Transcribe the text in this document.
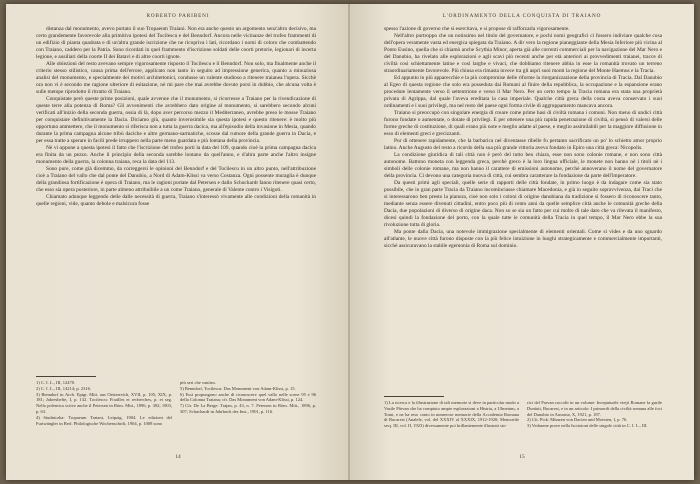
ROBERTO PARIBENI

distanza dal monumento, avevo portato il suo Tropaeum Traiani. Non era anche questo un argomento senz'altro decisivo, ma certo grandemente favorevole alla primitiva ipotesi del Tocilescu e del Benndorf. Ancora nelle vicinanze del trofeo frammenti di un edifizio di pianta quadrata e di un'altra grande iscrizione che ne ricopriva i lati, ricordano i nomi di coloro che combattendo con Traiano, caddero per la Patria. Sono ricordati in quel frammento d'iscrizione soldati delle coorti pretorie, legionari di incerta legione, e ausiliari della coorte II dei Batavi e di altre coorti ignote.

Alle obiezioni del resto avevano sempre vigorosamente risposto il Tocilescu e il Benndorf. Non solo, ma finalmente anche il criterio stesso stilistico, causa prima dell'errore, applicato non tanto in seguito ad impressione generica, quanto a minuziosa analisi del monumento, e specialmente dei motivi architettonici, condusse un valente studioso a ritenere traianea l'opera. Sicchè ora non vi è secondo me ragione ulteriore di esitazione, nè mi pare che mai avrebbe dovuto porsi in dubbio, che alcuna volta è sulle metope riprodotto il ritratto di Traiano.

Conquistate però queste prime posizioni, quale avvenne che il monumento, si ricorresse a Traiano per la rivendicazione di queste terre alla potenza di Roma? Gli avvenimenti che avrebbero dato origine al monumento, si sarebbero secondo alcuni verificati all'inizio della seconda guerra, ossia di là, dopo aver percorso mezzo il Mediterraneo, avrebbe preso le mosse Traiano per conquistare definitivamente la Dacia. Diciamo giù, quanto inverosimile sia questa ipotesi e questo ritenere: è molto più opportuno ammettere, che il monumento si riferisca non a tutta la guerra dacica, ma all'episodio della invasione in Mesia, quando durante la prima campagna alcune tribù daciche e altre germano-sarmatiche, scosse dal rumore della grande guerra in Dacia, e per essa tratte a sperare in facili prede irruppero nella parte meno guardata e più lontana della provincia.

Nè vi oppone a questa ipotesi il fatto che l'iscrizione del trofeo porti la data del 109, quando cioè la prima campagna dacica era finita da un pezzo. Anche il principio della seconda sarebbe lontano da quell'anno, e d'altra parte anche l'altro insigne monumento della guerra, la colonna traiana, reca la data del 113.

Sono pure, come già dicemmo, da correggersi le opinioni del Benndorf e del Tocilescu in un altro punto, nell'attribuzione cioè a Traiano del vallo che dal ponte del Danubio, a Nord di Adam-Klissi va verso Costanza. Ogni possente muraglia è dunque della grandiosa fortificazione è opera di Traiano, ma le ragioni portate dal Petersen e dallo Schuchardt fanno ritenere quasi certo, che esso sia opera posteriore, in parte almeno attribuibile a un come Traiano, generale di Valente contro i Visigoti.

Chiamato adunque leggendo delle dalle necessità di guerra, Traiano s'interessò vivamente alle condizioni della romanità in quelle regioni, vide, quanto debole e malsicura fosse

1) C. I. L., III, 12470.
2) C. I. L., III, 14214; p. 2316.
3) Benndorf in Arch. Epigr. Mitt. aus Oesterreich, XVII, p. 105; XIX, p. 181; Jahreshefte, I, p. 132. Tocilescu: Fouilles et recherches, p. et seg. Nello polemica scrive anche il Petersen in Röm. Mitt., 1896, p. 302; 1903, p. 63.
4) Studniczka: Tropaeum Traiani, Leipzig, 1904. Le edizioni del Furtwängler in Berl. Philologische Wochenschrift, 1904, p. 1008 sono
più seri che vanitos.
5) Benndorf, Tocilescu: Das Monument von Adam-Klissi, p. 15.
6) Essi propongono anche di riconoscere quel vallo nelle scene 95 e 96 della Colonna Traiana; cfr. Das Monument von Adam-Klissi, p. 124.
7) Cfr. De La Berge: Trajan, p. 43, n. 7. Petersen in Röm. Mitt., 1896, p. 307; Schuchardt in Jahrbuch des Inst., 1901, p. 116.
14
L'ORDINAMENTO DELLA CONQUISTA DI TRAIANO

spesso l'azione di governo che si esercitava, e si propose di rafforzarla vigorosamente.

Nell'altro purtroppo che un notissimo nel titolo del governatore, e pochi nomi geografici ci fossero indiviare qualche cosa dell'opera veramente vasta ed energica spiegata da Traiano. A dir vero la regione pianeggiante della Mesia Inferiore più vicina al Ponto Eusino, quella che si chiamò anche Scythia Minor, aperta già alle correnti commerciali per la navigazione del Mar Nero e del Danubio, ha rivelato alle esplorazioni e agli scavi più recenti anche per età anteriori ai provvedimenti traianei, tracce di civiltà così schiettamente latine e così larghe e vivaci, che dobbiamo ritenere abbia in esse la romanità trovato un terreno straordinariamente favorevole. Più chiusa era rimasta invece tra gli aspri suoi monti la regione del Monte Haemus e la Tracia.

Ed appunto in più apparecchie e la più compromise delle riforme la riorganizzazione della provincia di Tracia. Dal Danubio al Egeo di questa regione che solo era posseduta dai Romani al finire della repubblica, la occupazione e la espansione erano procedute lentamente verso il settentrione e verso il Mar Nero. Per un certo tempo la Tracia romana era stata una proprietà privata di Agrippa, dal quale l'aveva ereditata la casa imperiale. Qualche città greca della costa aveva conservato i suoi ordinamenti e i suoi privilegi, ma nel resto del paese ogni forma civile di aggruppamento mancava ancora.

Traiano si preoccupò con singolare energia di creare come prime basi di civiltà romana i comuni. Non meno di undici città furono fondate o aumentate, o dotate di privilegi. E per ottenere una più rapida penetrazione di civiltà, si pensò di valersi delle forme greche di costituzione, di quali erano più note e meglio adatte al paese, e meglio assimilabili per la maggiore diffusione in esso di elementi greci e grecizzanti.

Pur di ottenere rapidamente, che la barbarica nel diventasse ribelle fu pertanto sacrificato un po' lo schietto amor proprio latino. Anche Augusto del resto a ricordo della sua più grande vittoria aveva fondato in Epiro una città greca: Nicopolis.

La condizione giuridica di tali città non è però del tutto ben chiara, esse non sono colonie romane, e non sono città autonome. Battono moneta con leggenda greca, perchè greco è la loro lingua ufficiale, le monete non hanno nè i titoli nè i simboli delle colonie romane, ma non hanno il carattere di emissioni autonome, perchè annoverano il nome del governatore della provincia. Ci devono una categoria nuova di città, cui sembra caratterare la fondazione da parte dell'imperatore.

Da questi primi agli speciali, quelle serie di rapporti delle città fondate, in primo luogo è da indagare come sia stato possibile, che in gran parte Tracia da Traiano incominciasse chiamare Macedonia, e già in seguito sopravvivenza, dai Traci che si interessarono ben presto la pianura, cioè non solo i coloni di origine danubiana da tradizione si fossero di riconoscere tanto, mediante senza essere divenuti cittadini, entro poco più di cento anni da quelle semplice città anche le comunità greche della Dacia, due popolazioni di diverso di origine daca. Non so se sia un fatto per cui molto di tale dato che va rilevata il manifesto, dicesi quindi la fondazione del porto, con la quale tutte le comunità della Tracia in quel tempo, il Mar Nero ebbe la sua rivoluzione tutta di gloria.

Ma ponte dalla Dacia, una notevole immigrazione specialmente di elementi orientali. Come si vides e da uno sguardo all'atlante, le nuove città furono disposte con la più felice intuizione in luoghi strategicamente e commercialmente importanti, sicchè assicuravano la stabile egemonia di Roma sul dominio.

1) La ricerca e la illustrazione di tali memorie si deve in particolar modo a Vasile Pârvan che ha compiuto ampie esplorazioni a Histria, a Ulmetum, a Tomi, e ne ha reso conto in numerose memorie della Accademia Romana di Bucarest (Analele, vol. del XXXIV al XXXIX, 1912-1920; Memoriile secţ. III, vol. II, 1923) diversamente poi brillantemente illustrati sto-
rici del Parvan raccolti in un volume: Inceputurile vieţii Romane la gurile Dunării, Bucarest, e in un articolo: I primordi della civiltà romana alle foci del Danubio in Ausonia, X, 1921, p. 187.
2) Cfr. Pick: Münzen von Dacien und Moesien, I, p. 76.
3) Vedasene prove nella Iscrizioni delle singole città in C. I. L., III.
15
